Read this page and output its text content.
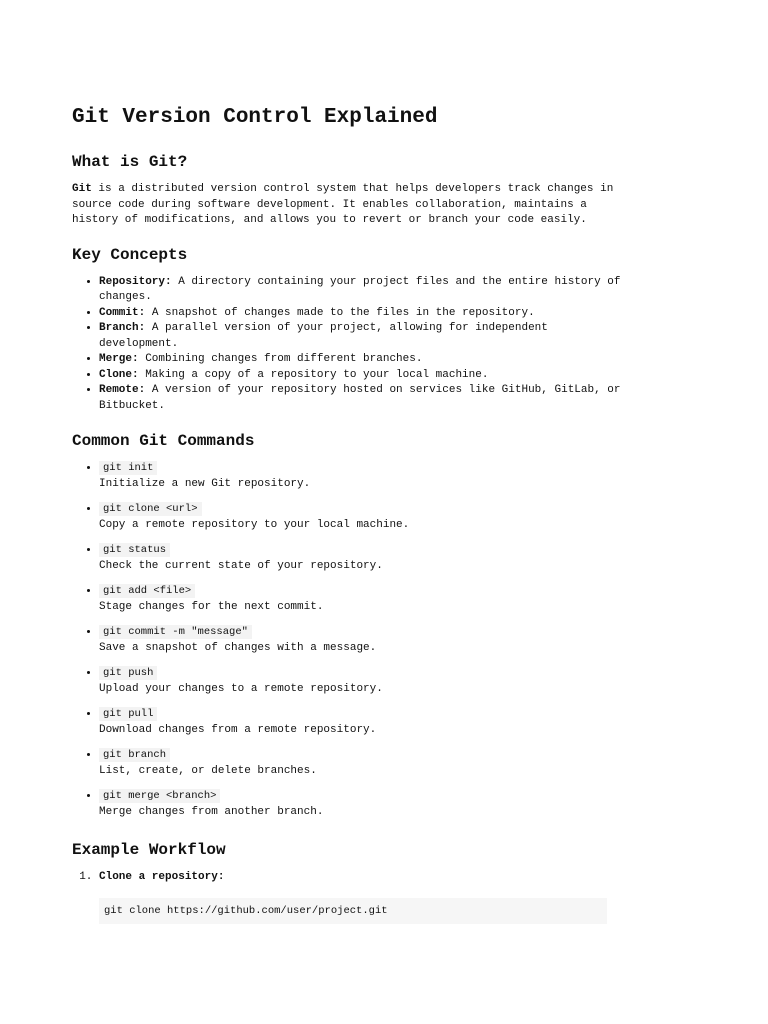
Git Version Control Explained
What is Git?

Git is a distributed version control system that helps developers track changes in source code during software development. It enables collaboration, maintains a history of modifications, and allows you to revert or branch your code easily.

Key Concepts
• Repository: A directory containing your project files and the entire history of changes.
• Commit: A snapshot of changes made to the files in the repository.
• Branch: A parallel version of your project, allowing for independent development.
• Merge: Combining changes from different branches.
• Clone: Making a copy of a repository to your local machine.
• Remote: A version of your repository hosted on services like GitHub, GitLab, or Bitbucket.
Common Git Commands
• git init
Initialize a new Git repository.
• git clone <url>
Copy a remote repository to your local machine.
• git status
Check the current state of your repository.
• git add <file>
Stage changes for the next commit.
• git commit -m "message"
Save a snapshot of changes with a message.
• git push
Upload your changes to a remote repository.
• git pull
Download changes from a remote repository.
• git branch
List, create, or delete branches.
• git merge <branch>
Merge changes from another branch.
Example Workflow
1. Clone a repository:
git clone https://github.com/user/project.git
